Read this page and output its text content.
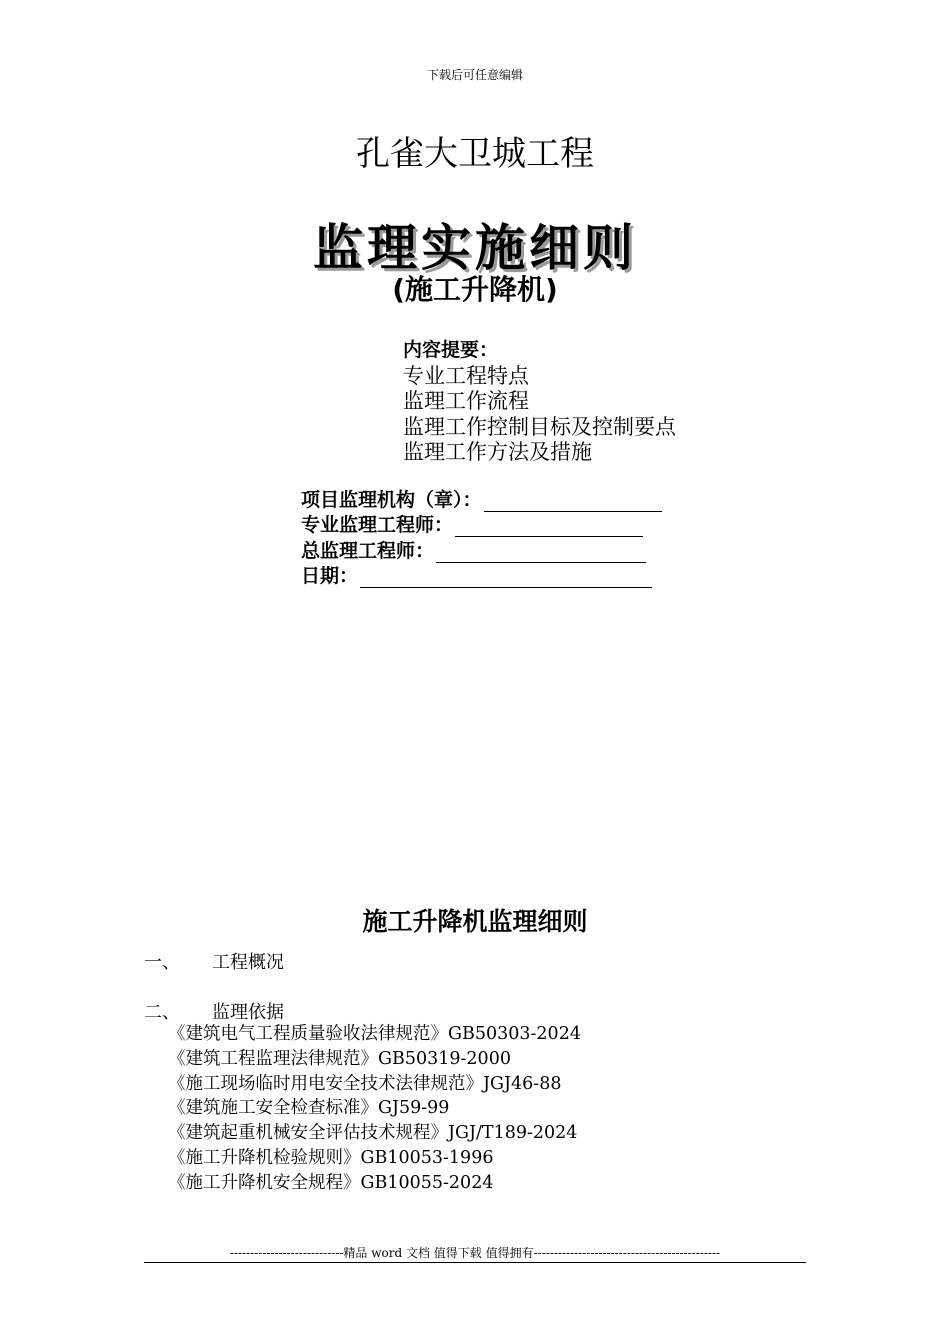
下载后可任意编辑
孔雀大卫城工程
监理实施细则
(施工升降机)
内容提要：
专业工程特点
监理工作流程
监理工作控制目标及控制要点
监理工作方法及措施
项目监理机构（章）：
专业监理工程师：
总监理工程师：
日期：
施工升降机监理细则
一、	工程概况
二、	监理依据
《建筑电气工程质量验收法律规范》GB50303-2024
《建筑工程监理法律规范》GB50319-2000
《施工现场临时用电安全技术法律规范》JGJ46-88
《建筑施工安全检查标准》GJ59-99
《建筑起重机械安全评估技术规程》JGJ/T189-2024
《施工升降机检验规则》GB10053-1996
《施工升降机安全规程》GB10055-2024
----------------------------精品 word 文档 值得下载 值得拥有----------------------------------------------
